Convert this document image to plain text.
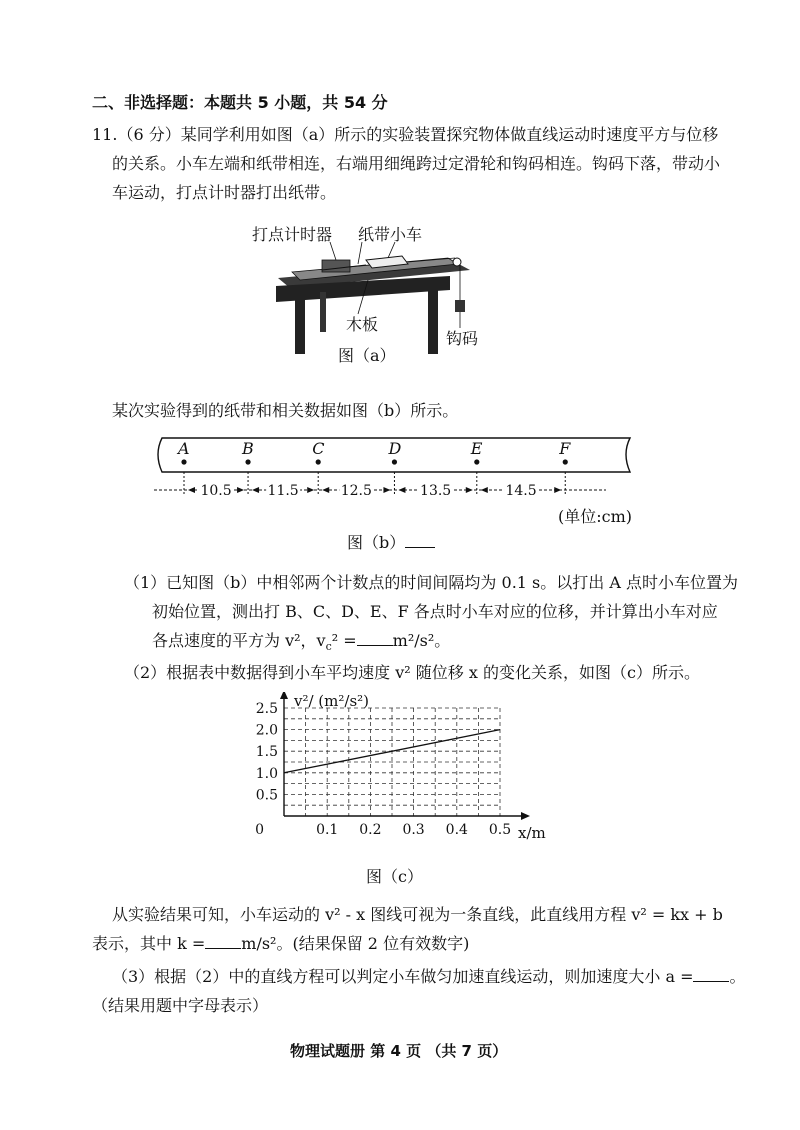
二、非选择题：本题共 5 小题，共 54 分
11.（6 分）某同学利用如图（a）所示的实验装置探究物体做直线运动时速度平方与位移
的关系。小车左端和纸带相连，右端用细绳跨过定滑轮和钩码相连。钩码下落，带动小
车运动，打点计时器打出纸带。
打点计时器 纸带 小车
木板
钩码
图（a）
某次实验得到的纸带和相关数据如图（b）所示。
A	B	C	D	E	F
10.5	11.5	12.5	13.5	14.5
(单位:cm)
图（b）
（1）已知图（b）中相邻两个计数点的时间间隔均为 0.1 s。以打出 A 点时小车位置为
初始位置，测出打 B、C、D、E、F 各点时小车对应的位移，并计算出小车对应
各点速度的平方为 v²，$v_c^2 = m^2/s^2$。
（2）根据表中数据得到小车平均速度 v² 随位移 x 的变化关系，如图（c）所示。
0.1 0.2 0.3 0.4 0.5
0
0.5
1.0
1.5
2.0
2.5 v²/ (m²/s²)
x/m
图（c）
从实验结果可知，小车运动的 v² - x 图线可视为一条直线，此直线用方程 v² = kx + b
表示，其中 k = m/s²。(结果保留 2 位有效数字)
（3）根据（2）中的直线方程可以判定小车做匀加速直线运动，则加速度大小 a = 。
（结果用题中字母表示）
物理试题册 第 4 页 （共 7 页）
